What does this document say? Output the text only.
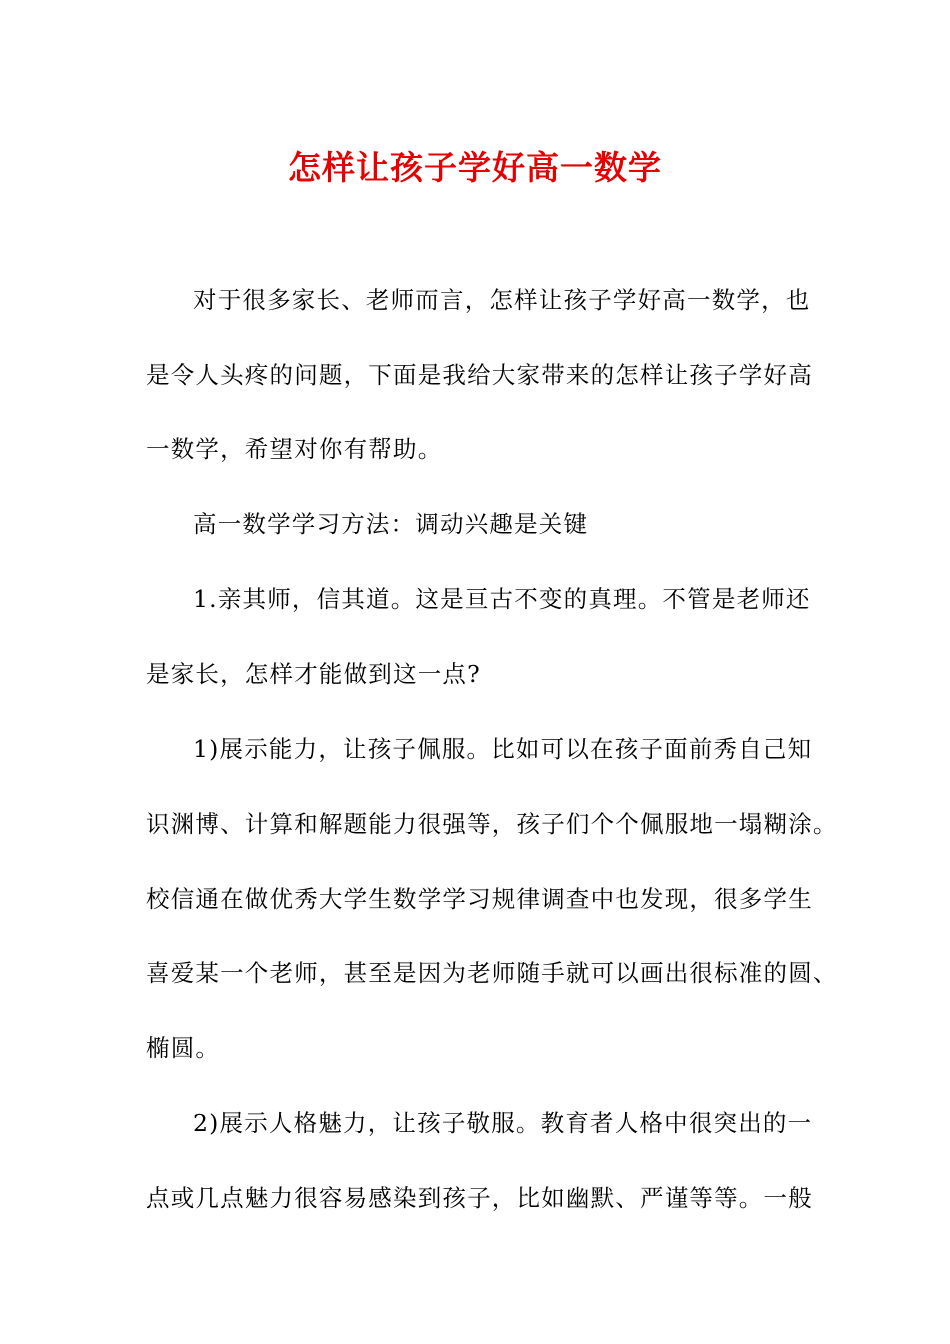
怎样让孩子学好高一数学
对于很多家长、老师而言，怎样让孩子学好高一数学，也
是令人头疼的问题，下面是我给大家带来的怎样让孩子学好高
一数学，希望对你有帮助。
高一数学学习方法：调动兴趣是关键
1.亲其师，信其道。这是亘古不变的真理。不管是老师还
是家长，怎样才能做到这一点?
1)展示能力，让孩子佩服。比如可以在孩子面前秀自己知
识渊博、计算和解题能力很强等，孩子们个个佩服地一塌糊涂。
校信通在做优秀大学生数学学习规律调查中也发现，很多学生
喜爱某一个老师，甚至是因为老师随手就可以画出很标准的圆、
椭圆。
2)展示人格魅力，让孩子敬服。教育者人格中很突出的一
点或几点魅力很容易感染到孩子，比如幽默、严谨等等。一般
